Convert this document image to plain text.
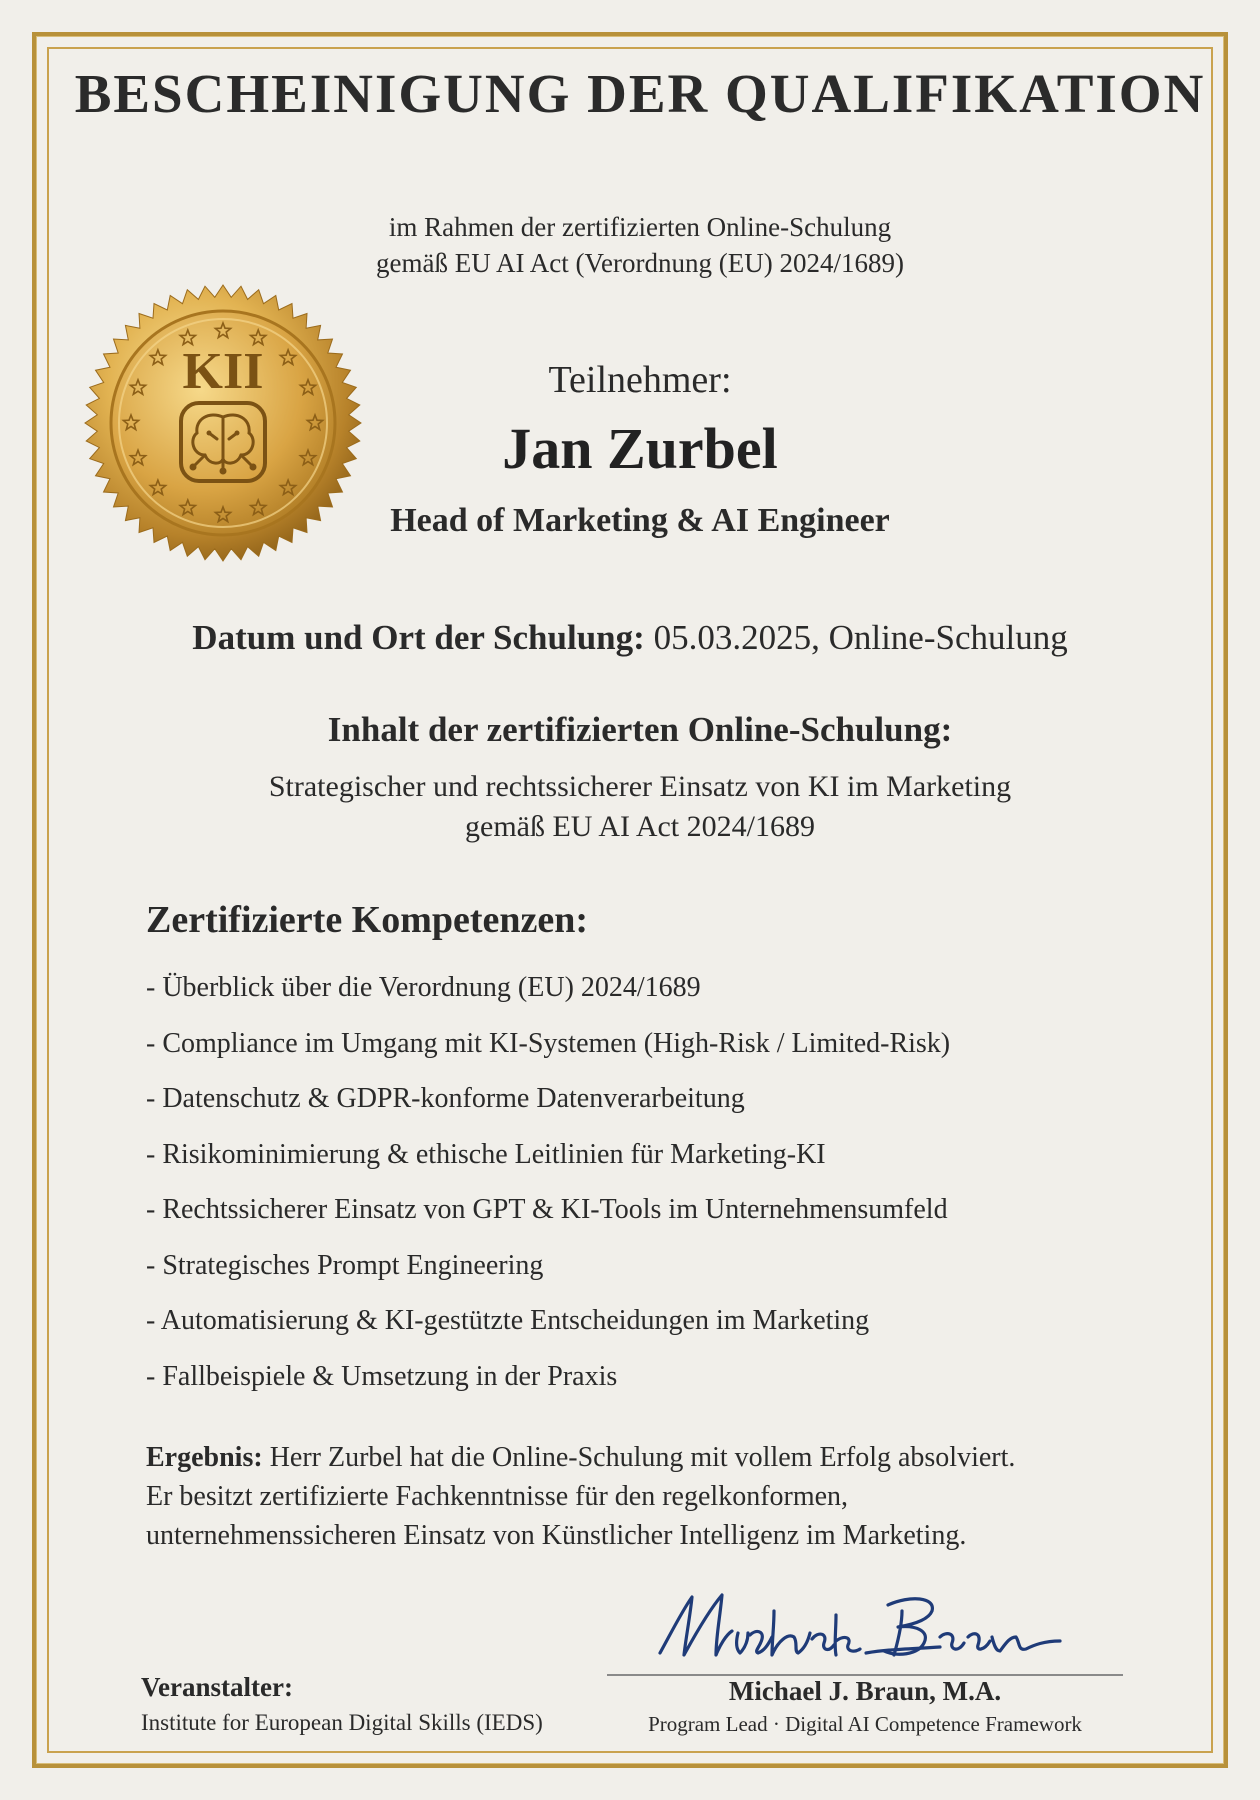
BESCHEINIGUNG DER QUALIFIKATION
im Rahmen der zertifizierten Online-Schulung
gemäß EU AI Act (Verordnung (EU) 2024/1689)
KII	Teilnehmer:
Jan Zurbel
Head of Marketing & AI Engineer
Datum und Ort der Schulung: 05.03.2025, Online-Schulung
Inhalt der zertifizierten Online-Schulung:
Strategischer und rechtssicherer Einsatz von KI im Marketing
gemäß EU AI Act 2024/1689
Zertifizierte Kompetenzen:
- Überblick über die Verordnung (EU) 2024/1689
- Compliance im Umgang mit KI-Systemen (High-Risk / Limited-Risk)
- Datenschutz & GDPR-konforme Datenverarbeitung
- Risikominimierung & ethische Leitlinien für Marketing-KI
- Rechtssicherer Einsatz von GPT & KI-Tools im Unternehmensumfeld
- Strategisches Prompt Engineering
- Automatisierung & KI-gestützte Entscheidungen im Marketing
- Fallbeispiele & Umsetzung in der Praxis
Ergebnis: Herr Zurbel hat die Online-Schulung mit vollem Erfolg absolviert.
Er besitzt zertifizierte Fachkenntnisse für den regelkonformen,
unternehmenssicheren Einsatz von Künstlicher Intelligenz im Marketing.
Veranstalter:
Institute for European Digital Skills (IEDS)
Michael J. Braun, M.A.
Program Lead · Digital AI Competence Framework
